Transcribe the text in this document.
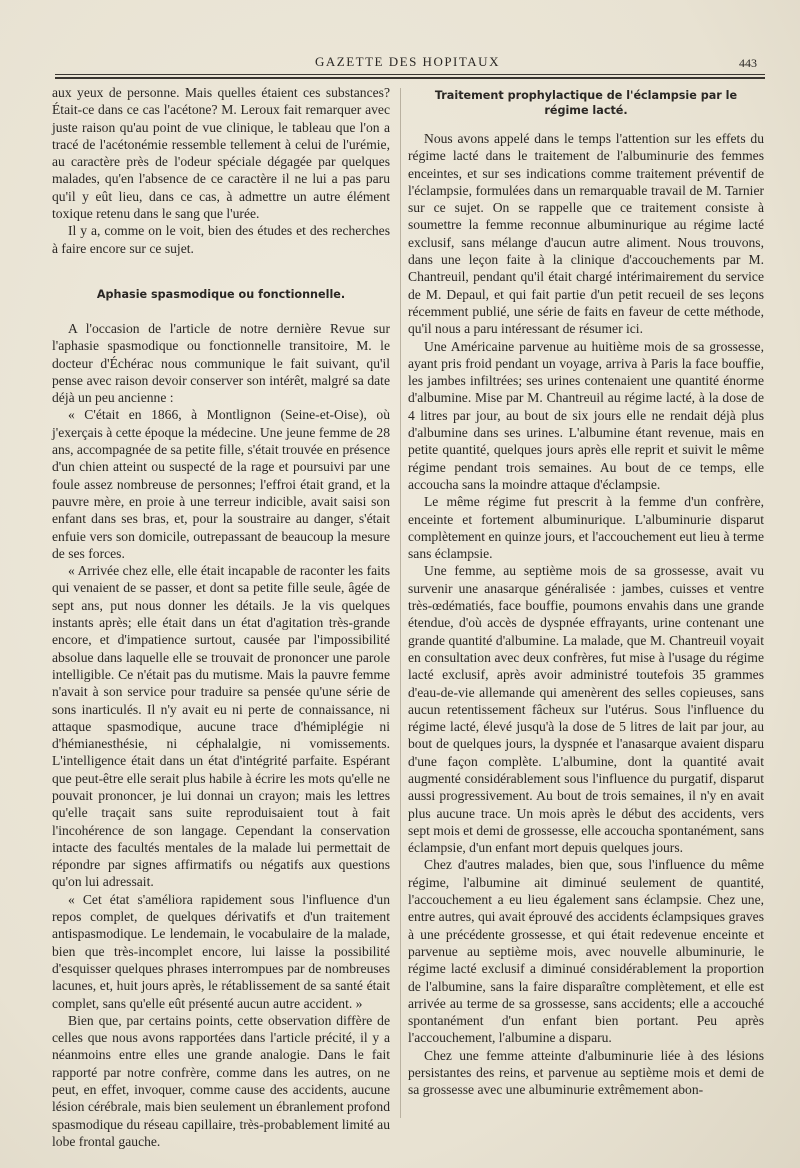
GAZETTE DES HOPITAUX	443

aux yeux de personne. Mais quelles étaient ces substances? Était-ce dans ce cas l'acétone? M. Leroux fait remarquer avec juste raison qu'au point de vue clinique, le tableau que l'on a tracé de l'acétonémie ressemble tellement à celui de l'urémie, au caractère près de l'odeur spéciale dégagée par quelques malades, qu'en l'absence de ce caractère il ne lui a pas paru qu'il y eût lieu, dans ce cas, à admettre un autre élément toxique retenu dans le sang que l'urée.

Il y a, comme on le voit, bien des études et des recherches à faire encore sur ce sujet.

Aphasie spasmodique ou fonctionnelle.

A l'occasion de l'article de notre dernière Revue sur l'aphasie spasmodique ou fonctionnelle transitoire, M. le docteur d'Échérac nous communique le fait suivant, qu'il pense avec raison devoir conserver son intérêt, malgré sa date déjà un peu ancienne :

« C'était en 1866, à Montlignon (Seine-et-Oise), où j'exerçais à cette époque la médecine. Une jeune femme de 28 ans, accompagnée de sa petite fille, s'était trouvée en présence d'un chien atteint ou suspecté de la rage et poursuivi par une foule assez nombreuse de personnes; l'effroi était grand, et la pauvre mère, en proie à une terreur indicible, avait saisi son enfant dans ses bras, et, pour la soustraire au danger, s'était enfuie vers son domicile, outrepassant de beaucoup la mesure de ses forces.

« Arrivée chez elle, elle était incapable de raconter les faits qui venaient de se passer, et dont sa petite fille seule, âgée de sept ans, put nous donner les détails. Je la vis quelques instants après; elle était dans un état d'agitation très-grande encore, et d'impatience surtout, causée par l'impossibilité absolue dans laquelle elle se trouvait de prononcer une parole intelligible. Ce n'était pas du mutisme. Mais la pauvre femme n'avait à son service pour traduire sa pensée qu'une série de sons inarticulés. Il n'y avait eu ni perte de connaissance, ni attaque spasmodique, aucune trace d'hémiplégie ni d'hémianesthésie, ni céphalalgie, ni vomissements. L'intelligence était dans un état d'intégrité parfaite. Espérant que peut-être elle serait plus habile à écrire les mots qu'elle ne pouvait prononcer, je lui donnai un crayon; mais les lettres qu'elle traçait sans suite reproduisaient tout à fait l'incohérence de son langage. Cependant la conservation intacte des facultés mentales de la malade lui permettait de répondre par signes affirmatifs ou négatifs aux questions qu'on lui adressait.

« Cet état s'améliora rapidement sous l'influence d'un repos complet, de quelques dérivatifs et d'un traitement antispasmodique. Le lendemain, le vocabulaire de la malade, bien que très-incomplet encore, lui laisse la possibilité d'esquisser quelques phrases interrompues par de nombreuses lacunes, et, huit jours après, le rétablissement de sa santé était complet, sans qu'elle eût présenté aucun autre accident. »

Bien que, par certains points, cette observation diffère de celles que nous avons rapportées dans l'article précité, il y a néanmoins entre elles une grande analogie. Dans le fait rapporté par notre confrère, comme dans les autres, on ne peut, en effet, invoquer, comme cause des accidents, aucune lésion cérébrale, mais bien seulement un ébranlement profond spasmodique du réseau capillaire, très-probablement limité au lobe frontal gauche.

Traitement prophylactique de l'éclampsie par le régime lacté.

Nous avons appelé dans le temps l'attention sur les effets du régime lacté dans le traitement de l'albuminurie des femmes enceintes, et sur ses indications comme traitement préventif de l'éclampsie, formulées dans un remarquable travail de M. Tarnier sur ce sujet. On se rappelle que ce traitement consiste à soumettre la femme reconnue albuminurique au régime lacté exclusif, sans mélange d'aucun autre aliment. Nous trouvons, dans une leçon faite à la clinique d'accouchements par M. Chantreuil, pendant qu'il était chargé intérimairement du service de M. Depaul, et qui fait partie d'un petit recueil de ses leçons récemment publié, une série de faits en faveur de cette méthode, qu'il nous a paru intéressant de résumer ici.

Une Américaine parvenue au huitième mois de sa grossesse, ayant pris froid pendant un voyage, arriva à Paris la face bouffie, les jambes infiltrées; ses urines contenaient une quantité énorme d'albumine. Mise par M. Chantreuil au régime lacté, à la dose de 4 litres par jour, au bout de six jours elle ne rendait déjà plus d'albumine dans ses urines. L'albumine étant revenue, mais en petite quantité, quelques jours après elle reprit et suivit le même régime pendant trois semaines. Au bout de ce temps, elle accoucha sans la moindre attaque d'éclampsie.

Le même régime fut prescrit à la femme d'un confrère, enceinte et fortement albuminurique. L'albuminurie disparut complètement en quinze jours, et l'accouchement eut lieu à terme sans éclampsie.

Une femme, au septième mois de sa grossesse, avait vu survenir une anasarque généralisée : jambes, cuisses et ventre très-œdématiés, face bouffie, poumons envahis dans une grande étendue, d'où accès de dyspnée effrayants, urine contenant une grande quantité d'albumine. La malade, que M. Chantreuil voyait en consultation avec deux confrères, fut mise à l'usage du régime lacté exclusif, après avoir administré toutefois 35 grammes d'eau-de-vie allemande qui amenèrent des selles copieuses, sans aucun retentissement fâcheux sur l'utérus. Sous l'influence du régime lacté, élevé jusqu'à la dose de 5 litres de lait par jour, au bout de quelques jours, la dyspnée et l'anasarque avaient disparu d'une façon complète. L'albumine, dont la quantité avait augmenté considérablement sous l'influence du purgatif, disparut aussi progressivement. Au bout de trois semaines, il n'y en avait plus aucune trace. Un mois après le début des accidents, vers sept mois et demi de grossesse, elle accoucha spontanément, sans éclampsie, d'un enfant mort depuis quelques jours.

Chez d'autres malades, bien que, sous l'influence du même régime, l'albumine ait diminué seulement de quantité, l'accouchement a eu lieu également sans éclampsie. Chez une, entre autres, qui avait éprouvé des accidents éclampsiques graves à une précédente grossesse, et qui était redevenue enceinte et parvenue au septième mois, avec nouvelle albuminurie, le régime lacté exclusif a diminué considérablement la proportion de l'albumine, sans la faire disparaître complètement, et elle est arrivée au terme de sa grossesse, sans accidents; elle a accouché spontanément d'un enfant bien portant. Peu après l'accouchement, l'albumine a disparu.

Chez une femme atteinte d'albuminurie liée à des lésions persistantes des reins, et parvenue au septième mois et demi de sa grossesse avec une albuminurie extrêmement abon-
